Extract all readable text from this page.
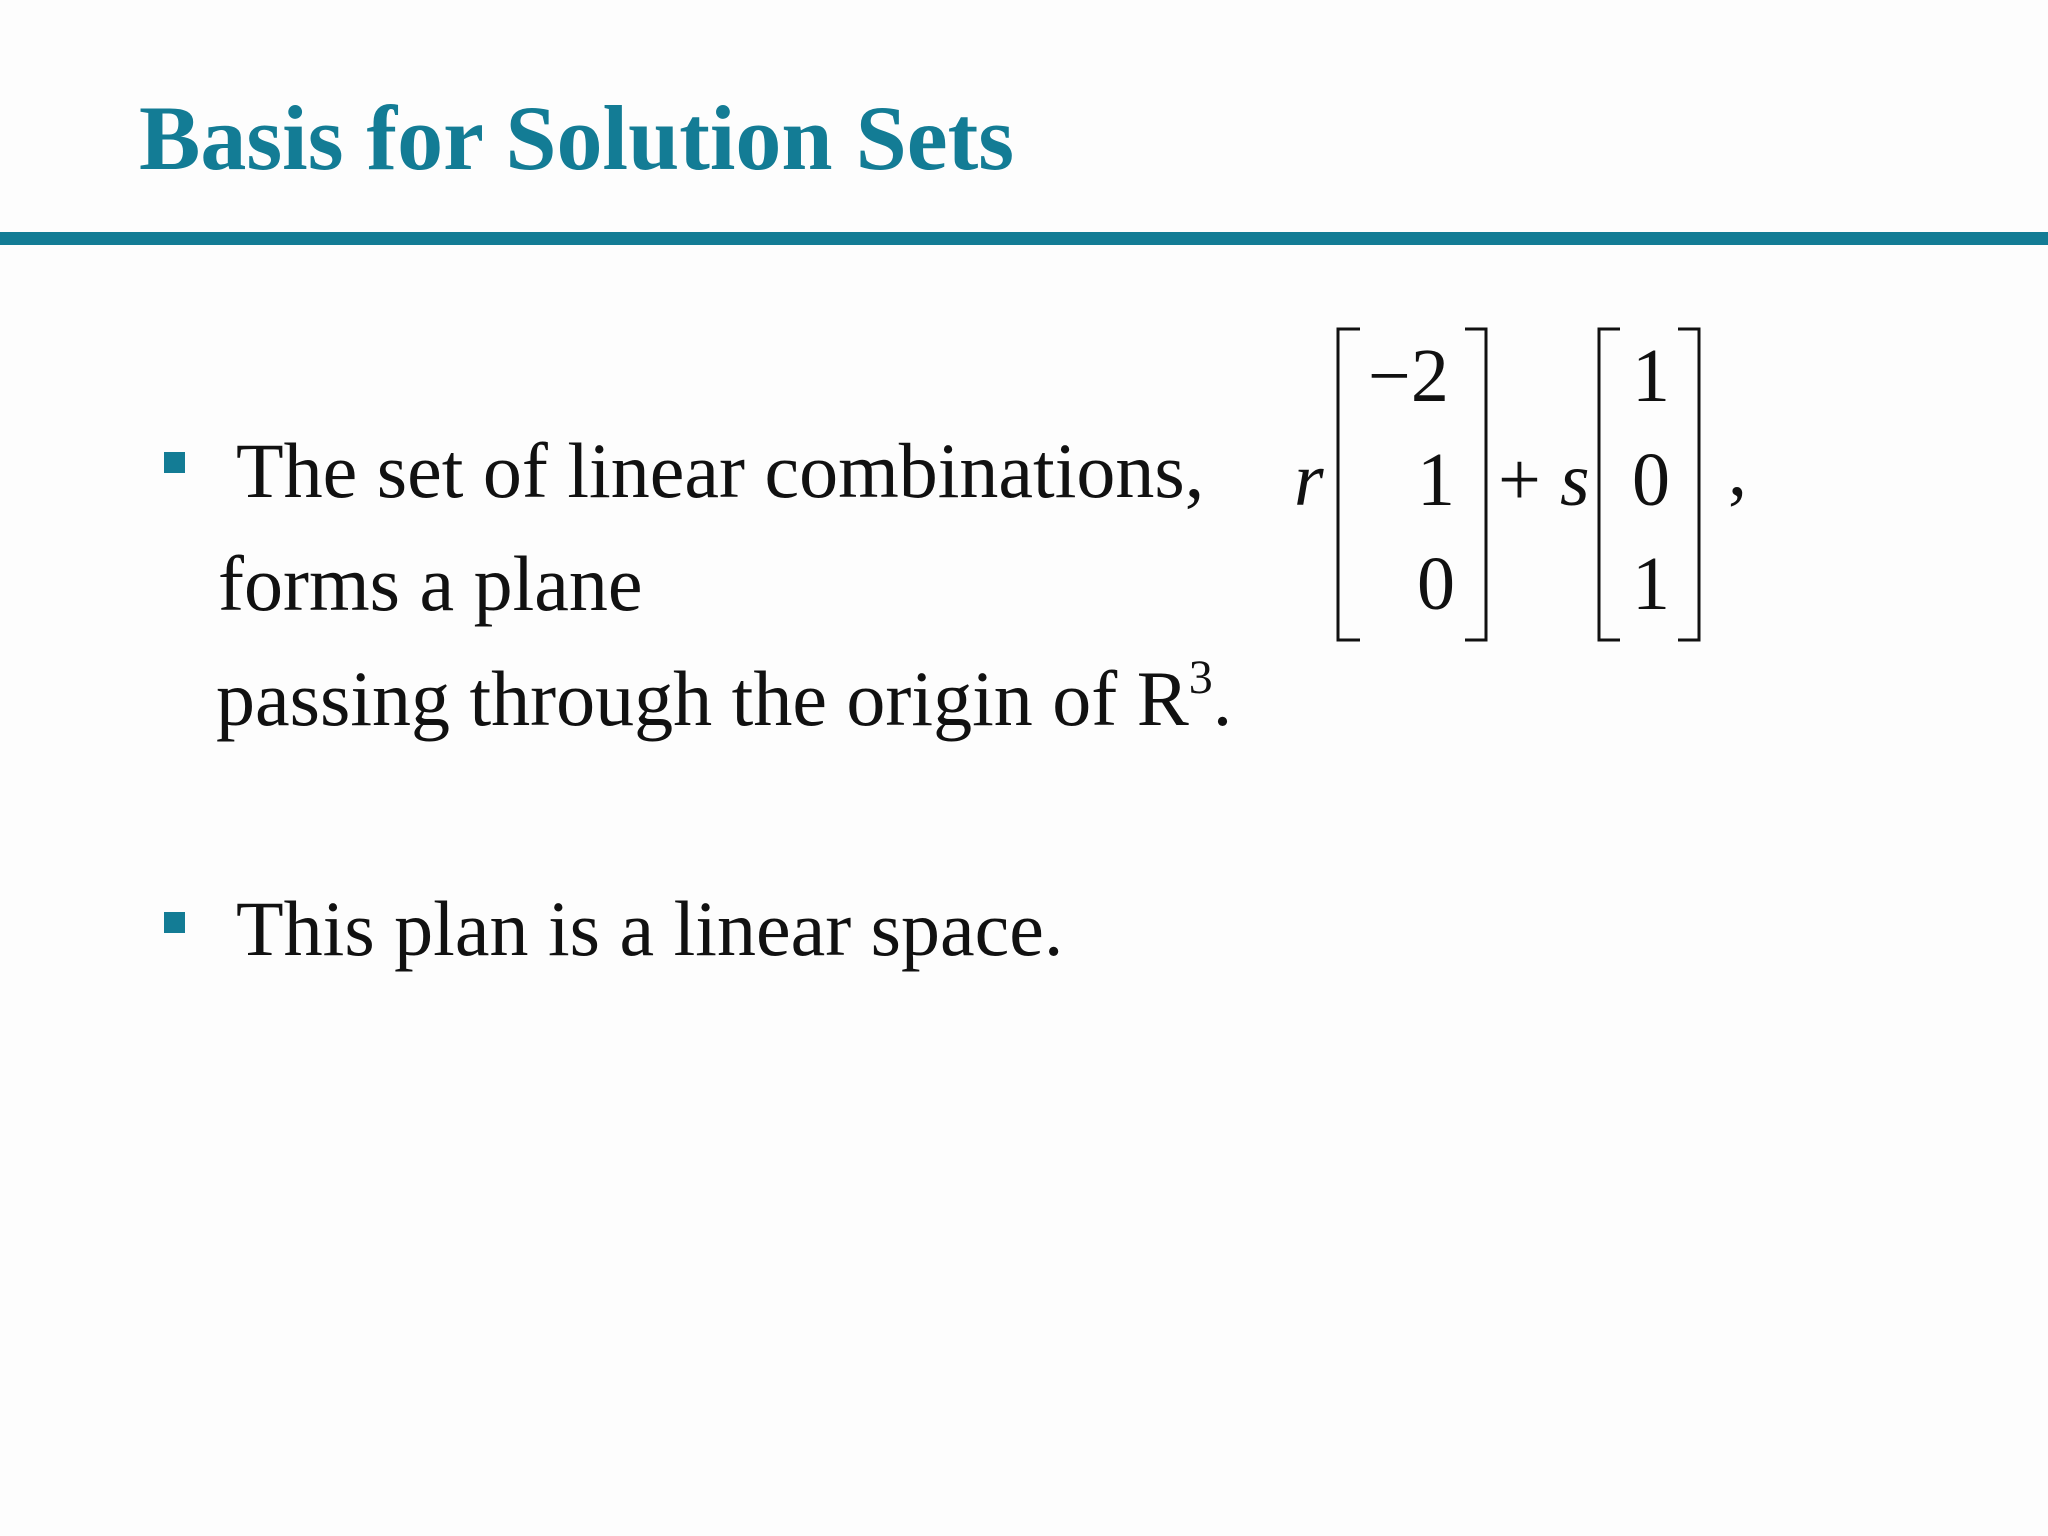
Basis for Solution Sets
The set of linear combinations,
forms a plane
passing through the origin of $R^3$.
This plan is a linear space.
r
−2
1
0
+ s
1
0
1
,
